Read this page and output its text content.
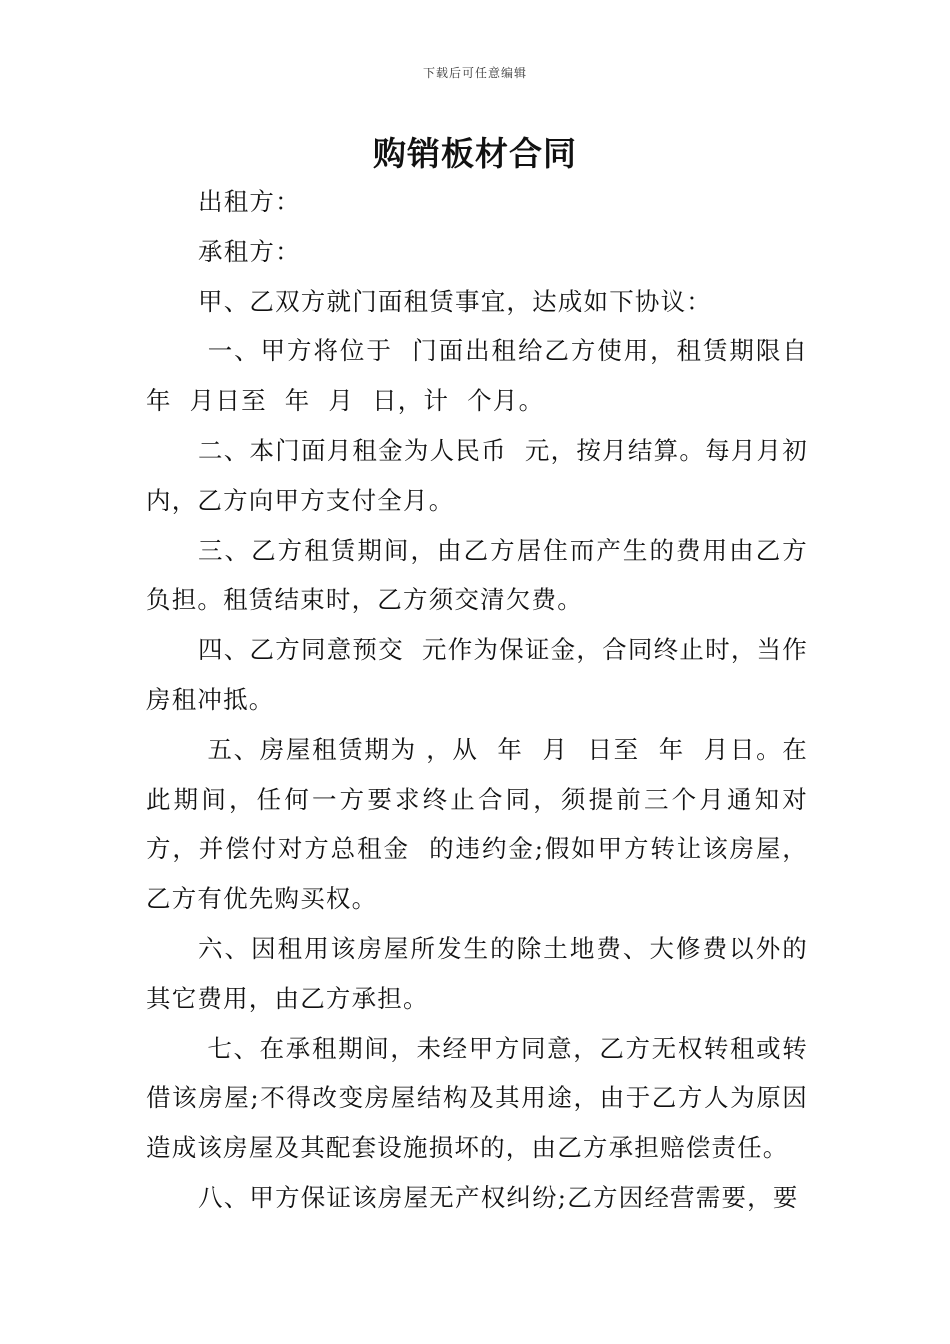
下载后可任意编辑
购销板材合同

出租方：

承租方：

甲、乙双方就门面租赁事宜，达成如下协议：

一、甲方将位于  门面出租给乙方使用，租赁期限自 年  月日至  年  月  日，计  个月。

二、本门面月租金为人民币  元，按月结算。每月月初 内，乙方向甲方支付全月。

三、乙方租赁期间，由乙方居住而产生的费用由乙方负担。租赁结束时，乙方须交清欠费。

四、乙方同意预交  元作为保证金，合同终止时，当作房租冲抵。

五、房屋租赁期为 ，从  年  月  日至  年  月日。在此期间，任何一方要求终止合同，须提前三个月通知对方，并偿付对方总租金  的违约金;假如甲方转让该房屋，乙方有优先购买权。

六、因租用该房屋所发生的除土地费、大修费以外的其它费用，由乙方承担。

七、在承租期间，未经甲方同意，乙方无权转租或转借该房屋;不得改变房屋结构及其用途，由于乙方人为原因造成该房屋及其配套设施损坏的，由乙方承担赔偿责任。

八、甲方保证该房屋无产权纠纷;乙方因经营需要，要
